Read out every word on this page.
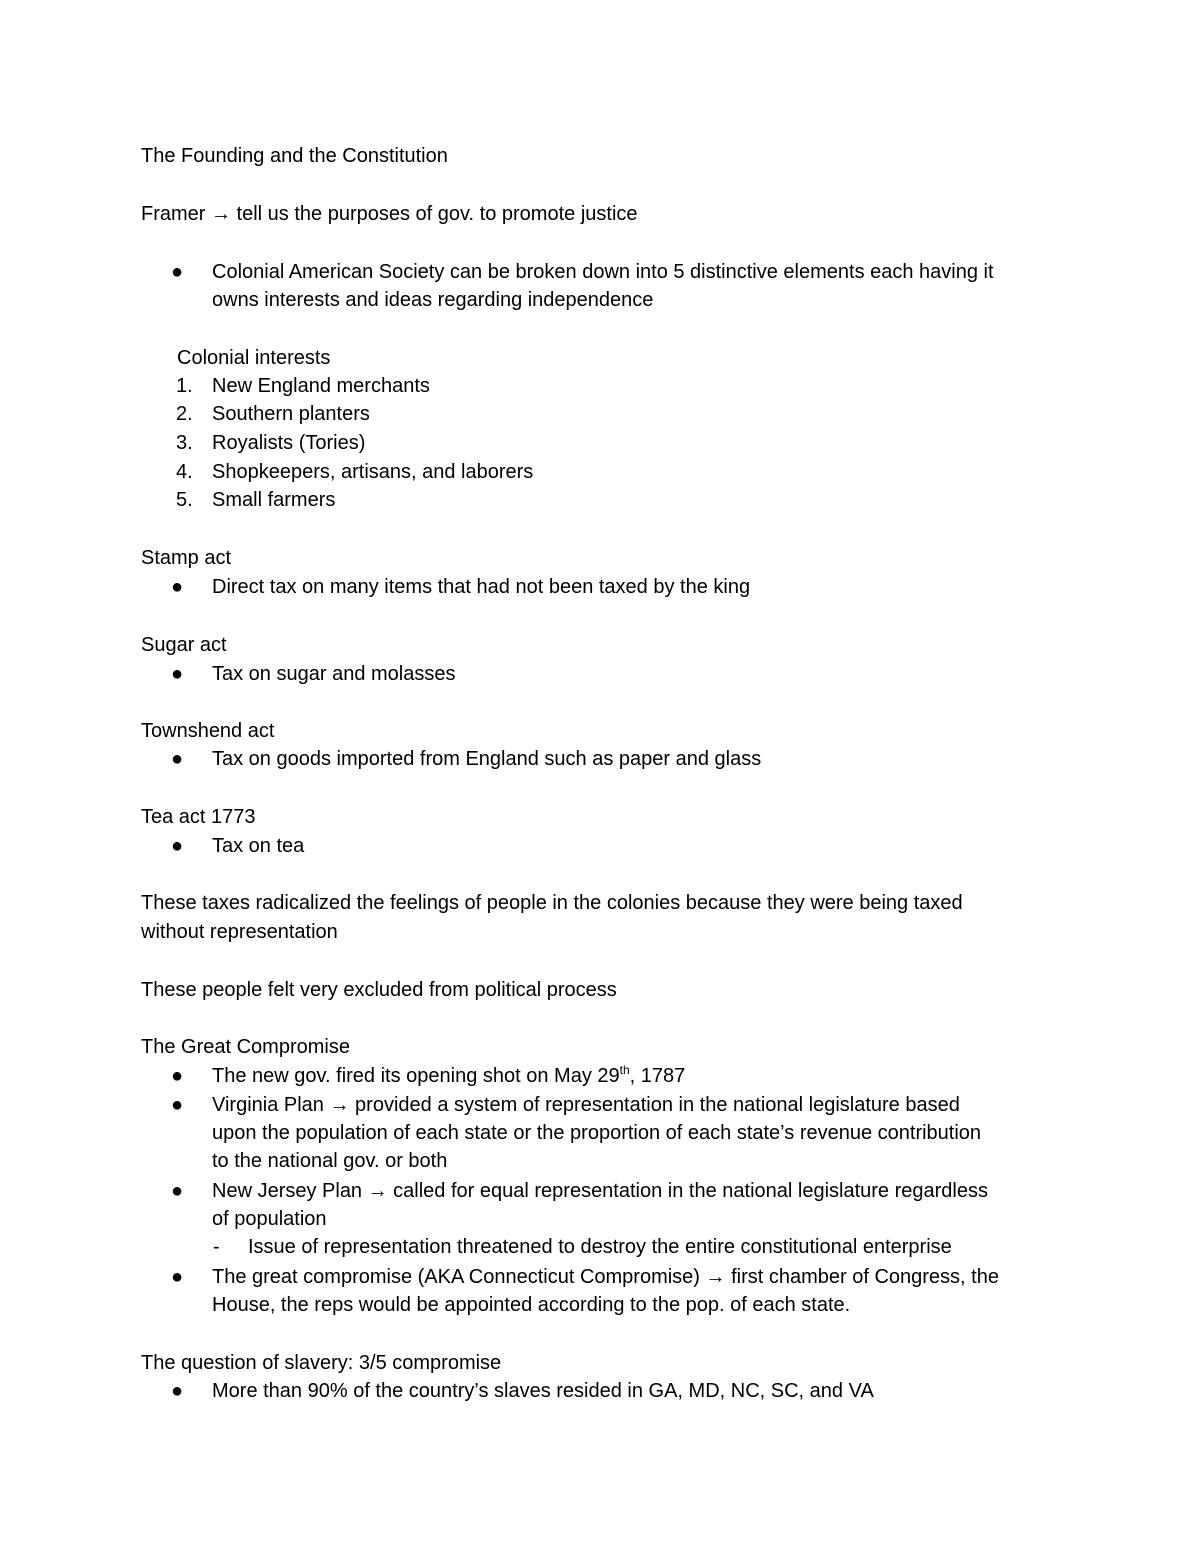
The Founding and the Constitution
Framer → tell us the purposes of gov. to promote justice
● Colonial American Society can be broken down into 5 distinctive elements each having it
owns interests and ideas regarding independence
Colonial interests
1. New England merchants
2. Southern planters
3. Royalists (Tories)
4. Shopkeepers, artisans, and laborers
5. Small farmers
Stamp act
● Direct tax on many items that had not been taxed by the king
Sugar act
● Tax on sugar and molasses
Townshend act
● Tax on goods imported from England such as paper and glass
Tea act 1773
● Tax on tea
These taxes radicalized the feelings of people in the colonies because they were being taxed
without representation
These people felt very excluded from political process
The Great Compromise
● The new gov. fired its opening shot on May 29th, 1787
● Virginia Plan → provided a system of representation in the national legislature based
upon the population of each state or the proportion of each state’s revenue contribution
to the national gov. or both
● New Jersey Plan → called for equal representation in the national legislature regardless
of population
- Issue of representation threatened to destroy the entire constitutional enterprise
● The great compromise (AKA Connecticut Compromise) → first chamber of Congress, the
House, the reps would be appointed according to the pop. of each state.
The question of slavery: 3/5 compromise
● More than 90% of the country’s slaves resided in GA, MD, NC, SC, and VA
